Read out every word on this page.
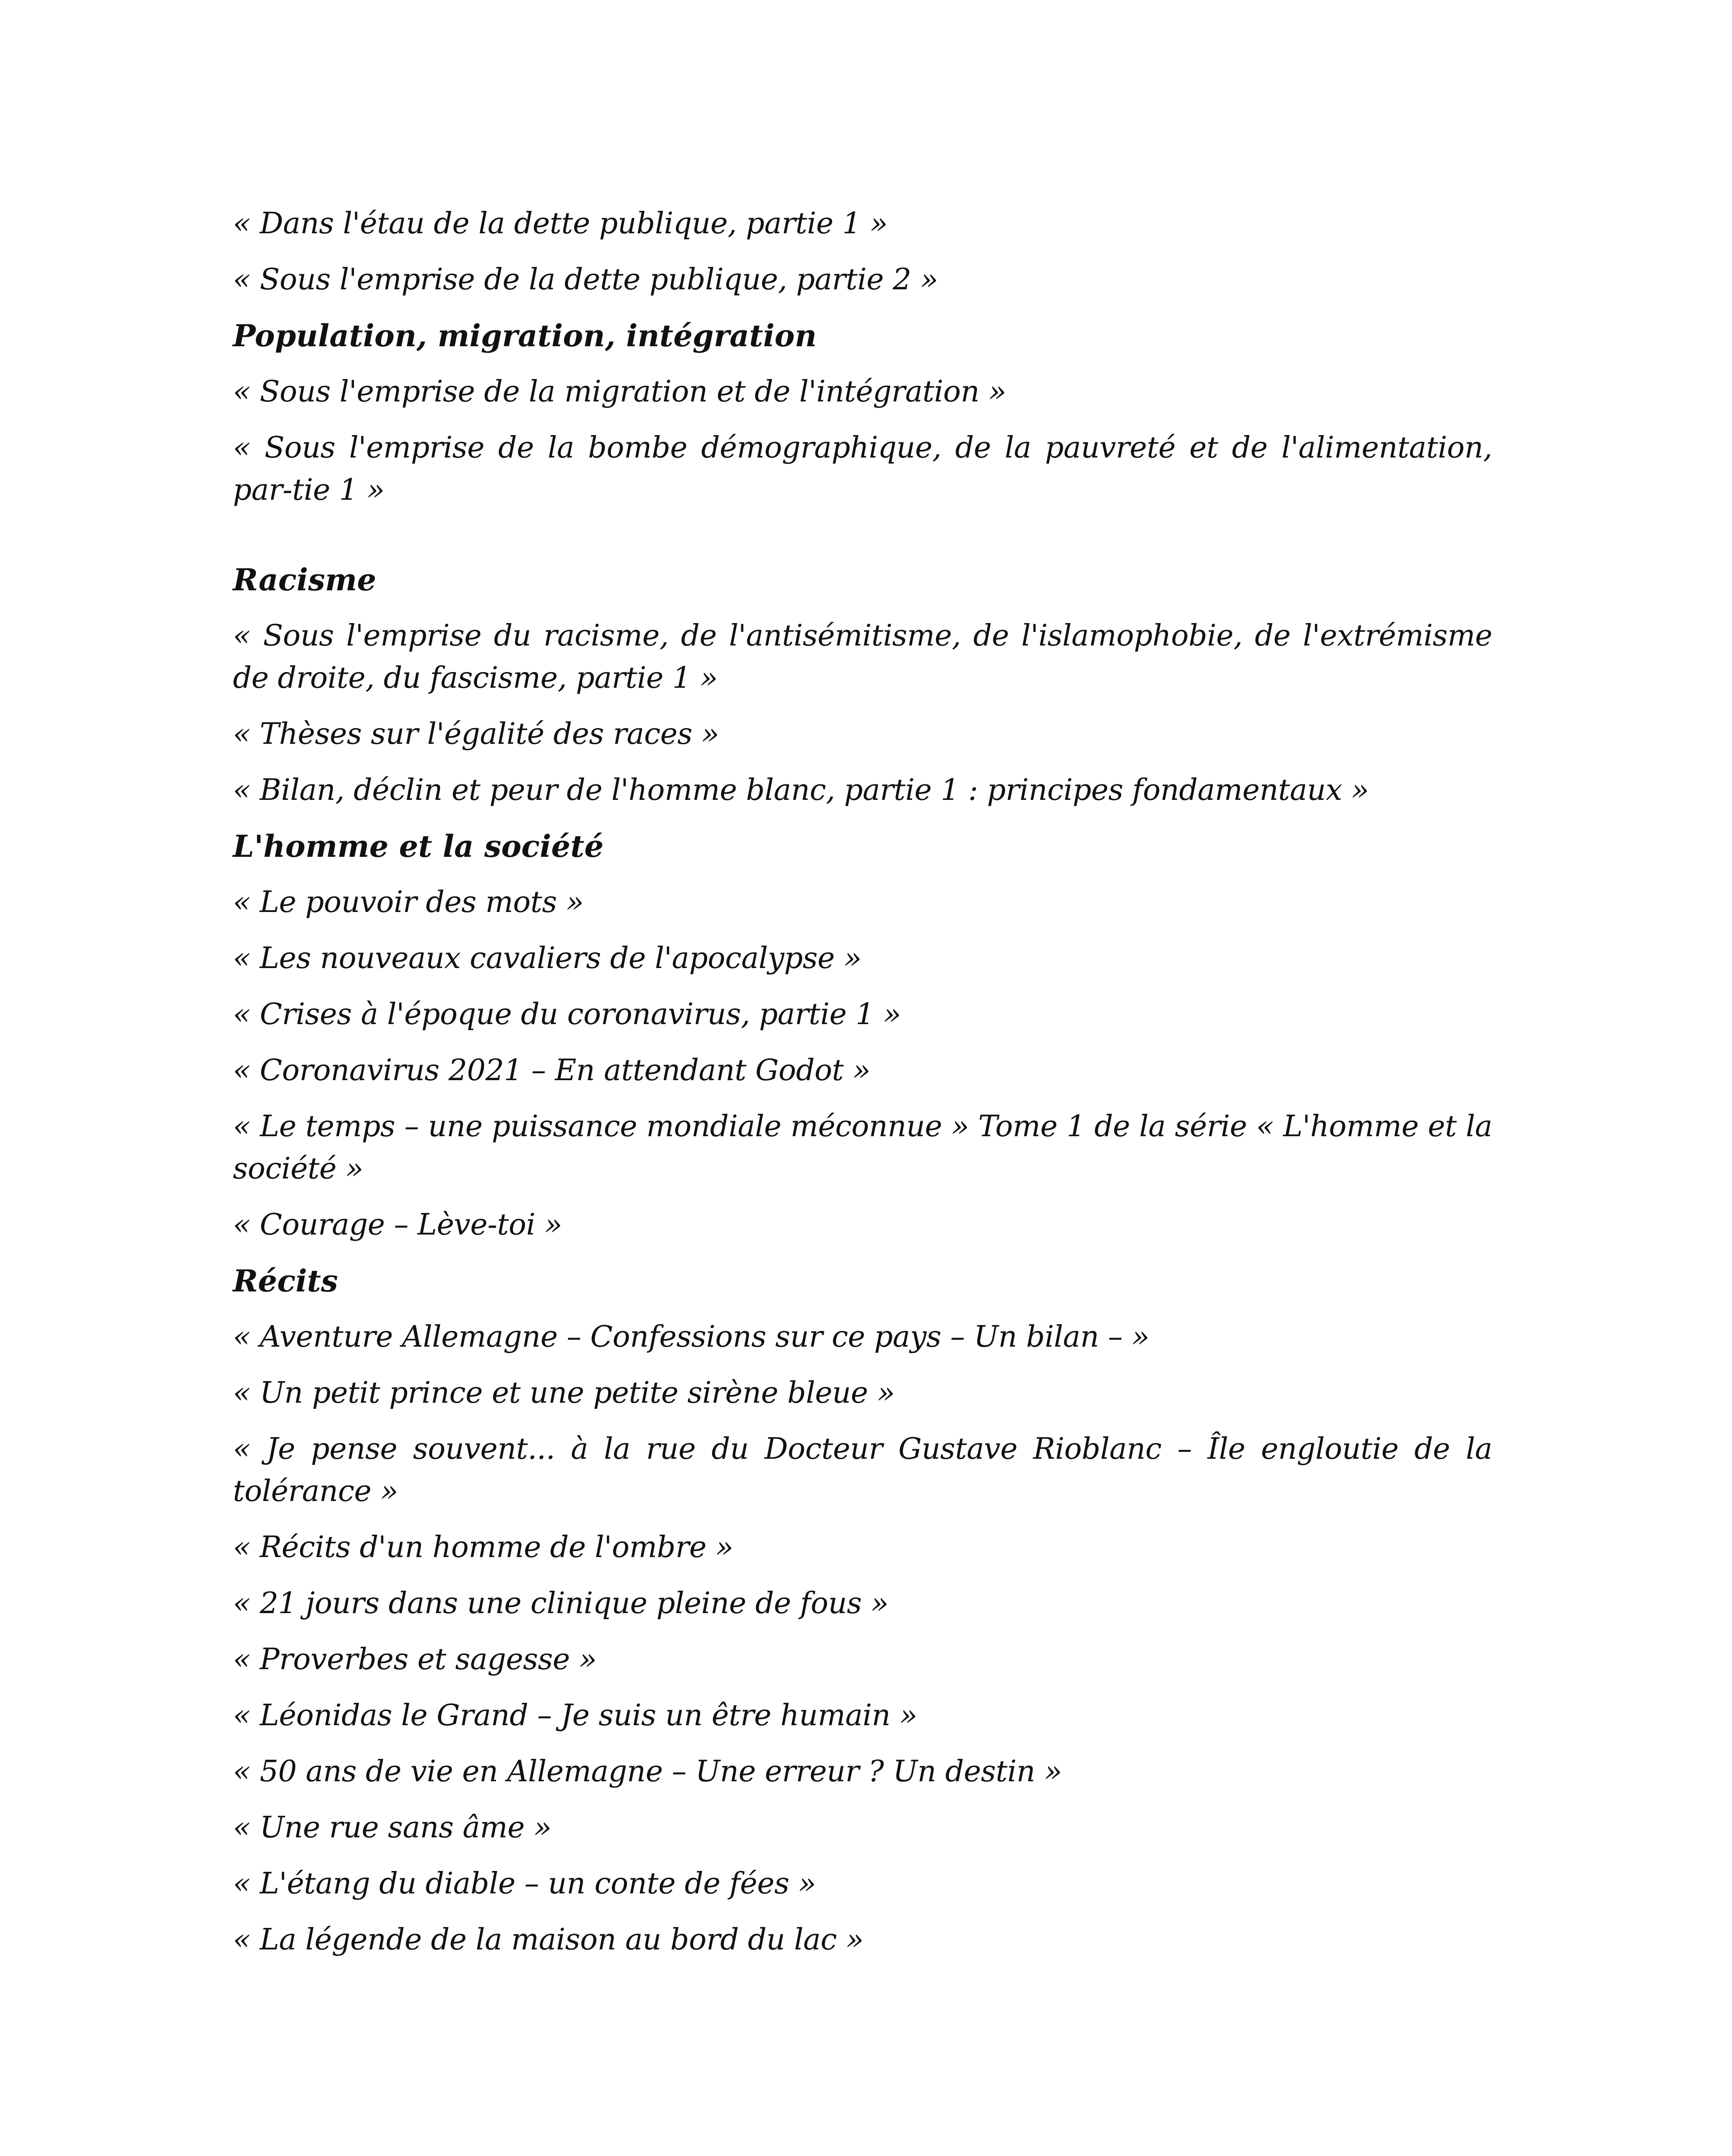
« Dans l'étau de la dette publique, partie 1 »

« Sous l'emprise de la dette publique, partie 2 »

Population, migration, intégration

« Sous l'emprise de la migration et de l'intégration »

« Sous l'emprise de la bombe démographique, de la pauvreté et de l'alimentation, par-tie 1 »

Racisme

« Sous l'emprise du racisme, de l'antisémitisme, de l'islamophobie, de l'extrémisme de droite, du fascisme, partie 1 »

« Thèses sur l'égalité des races »

« Bilan, déclin et peur de l'homme blanc, partie 1 : principes fondamentaux »

L'homme et la société

« Le pouvoir des mots »

« Les nouveaux cavaliers de l'apocalypse »

« Crises à l'époque du coronavirus, partie 1 »

« Coronavirus 2021 – En attendant Godot »

« Le temps – une puissance mondiale méconnue » Tome 1 de la série « L'homme et la société »

« Courage – Lève-toi »

Récits

« Aventure Allemagne – Confessions sur ce pays – Un bilan – »

« Un petit prince et une petite sirène bleue »

« Je pense souvent... à la rue du Docteur Gustave Rioblanc – Île engloutie de la tolérance »

« Récits d'un homme de l'ombre »

« 21 jours dans une clinique pleine de fous »

« Proverbes et sagesse »

« Léonidas le Grand – Je suis un être humain »

« 50 ans de vie en Allemagne – Une erreur ? Un destin »

« Une rue sans âme »

« L'étang du diable – un conte de fées »

« La légende de la maison au bord du lac »
